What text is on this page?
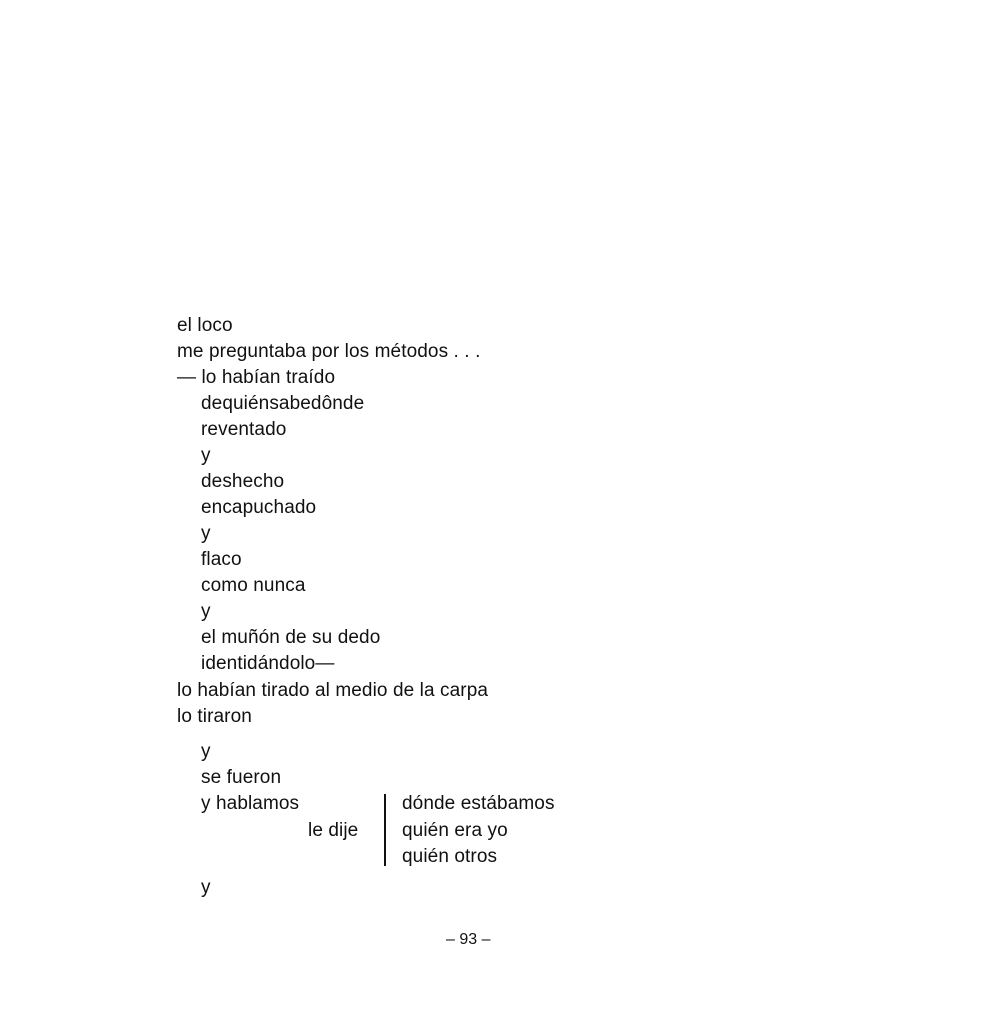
el loco
me preguntaba por los métodos . . .
— lo habían traído
dequiénsabedônde
reventado
y
deshecho
encapuchado
y
flaco
como nunca
y
el muñón de su dedo
identidándolo—
lo habían tirado al medio de la carpa
lo tiraron
y
se fueron
y hablamos
le dije
dónde estábamos
quién era yo
quién otros
y
– 93 –
